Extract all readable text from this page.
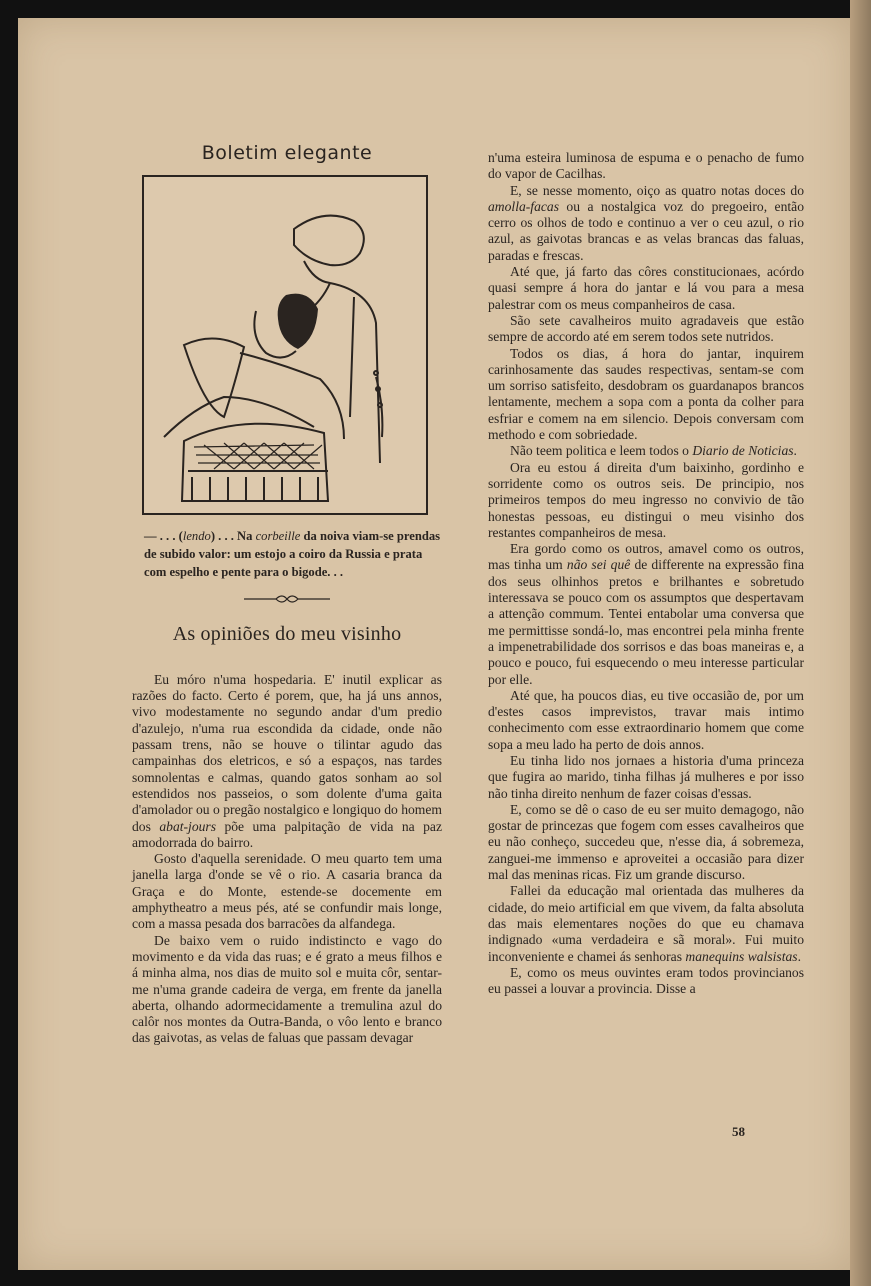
Boletim elegante
— . . . (lendo) . . . Na corbeille da noiva viam-se prendas de subido valor: um estojo a coiro da Russia e prata com espelho e pente para o bigode. . .
As opiniões do meu visinho

Eu móro n'uma hospedaria. E' inutil explicar as razões do facto. Certo é porem, que, ha já uns annos, vivo modestamente no segundo andar d'um predio d'azulejo, n'uma rua escondida da cidade, onde não passam trens, não se houve o tilintar agudo das campainhas dos eletricos, e só a espaços, nas tardes somnolentas e calmas, quando gatos sonham ao sol estendidos nos passeios, o som dolente d'uma gaita d'amolador ou o pregão nostalgico e longiquo do homem dos abat-jours põe uma palpitação de vida na paz amodorrada do bairro.

Gosto d'aquella serenidade. O meu quarto tem uma janella larga d'onde se vê o rio. A casaria branca da Graça e do Monte, estende-se docemente em amphytheatro a meus pés, até se confundir mais longe, com a massa pesada dos barracões da alfandega.

De baixo vem o ruido indistincto e vago do movimento e da vida das ruas; e é grato a meus filhos e á minha alma, nos dias de muito sol e muita côr, sentar-me n'uma grande cadeira de verga, em frente da janella aberta, olhando adormecidamente a tremulina azul do calôr nos montes da Outra-Banda, o vôo lento e branco das gaivotas, as velas de faluas que passam devagar

n'uma esteira luminosa de espuma e o penacho de fumo do vapor de Cacilhas.

E, se nesse momento, oiço as quatro notas doces do amolla-facas ou a nostalgica voz do pregoeiro, então cerro os olhos de todo e continuo a ver o ceu azul, o rio azul, as gaivotas brancas e as velas brancas das faluas, paradas e frescas.

Até que, já farto das côres constitucionaes, acórdo quasi sempre á hora do jantar e lá vou para a mesa palestrar com os meus companheiros de casa.

São sete cavalheiros muito agradaveis que estão sempre de accordo até em serem todos sete nutridos.

Todos os dias, á hora do jantar, inquirem carinhosamente das saudes respectivas, sentam-se com um sorriso satisfeito, desdobram os guardanapos brancos lentamente, mechem a sopa com a ponta da colher para esfriar e comem na em silencio. Depois conversam com methodo e com sobriedade.

Não teem politica e leem todos o Diario de Noticias.

Ora eu estou á direita d'um baixinho, gordinho e sorridente como os outros seis. De principio, nos primeiros tempos do meu ingresso no convivio de tão honestas pessoas, eu distingui o meu visinho dos restantes companheiros de mesa.

Era gordo como os outros, amavel como os outros, mas tinha um não sei quê de differente na expressão fina dos seus olhinhos pretos e brilhantes e sobretudo interessava se pouco com os assumptos que despertavam a attenção commum. Tentei entabolar uma conversa que me permittisse sondá-lo, mas encontrei pela minha frente a impenetrabilidade dos sorrisos e das boas maneiras e, a pouco e pouco, fui esquecendo o meu interesse particular por elle.

Até que, ha poucos dias, eu tive occasião de, por um d'estes casos imprevistos, travar mais intimo conhecimento com esse extraordinario homem que come sopa a meu lado ha perto de dois annos.

Eu tinha lido nos jornaes a historia d'uma princeza que fugira ao marido, tinha filhas já mulheres e por isso não tinha direito nenhum de fazer coisas d'essas.

E, como se dê o caso de eu ser muito demagogo, não gostar de princezas que fogem com esses cavalheiros que eu não conheço, succedeu que, n'esse dia, á sobremeza, zanguei-me immenso e aproveitei a occasião para dizer mal das meninas ricas. Fiz um grande discurso.

Fallei da educação mal orientada das mulheres da cidade, do meio artificial em que vivem, da falta absoluta das mais elementares noções do que eu chamava indignado «uma verdadeira e sã moral». Fui muito inconveniente e chamei ás senhoras manequins walsistas.

E, como os meus ouvintes eram todos provincianos eu passei a louvar a provincia. Disse a

58
